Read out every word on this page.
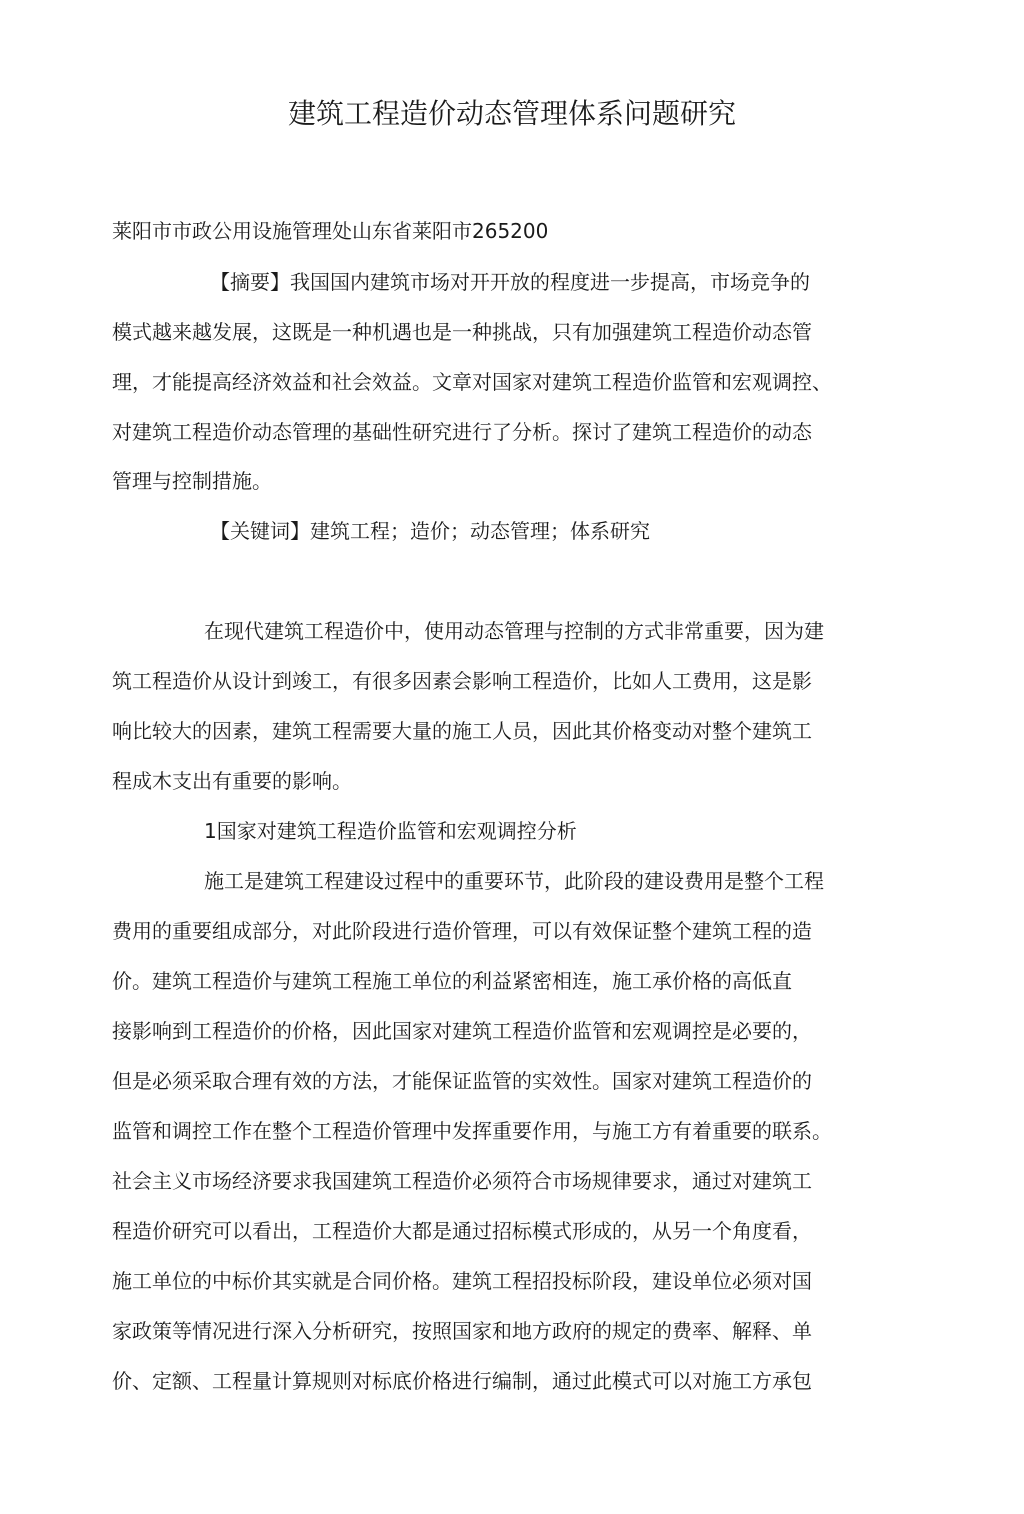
建筑工程造价动态管理体系问题研究
莱阳市市政公用设施管理处山东省莱阳市265200
【摘要】我国国内建筑市场对开开放的程度进一步提高，市场竞争的
模式越来越发展，这既是一种机遇也是一种挑战，只有加强建筑工程造价动态管
理，才能提高经济效益和社会效益。文章对国家对建筑工程造价监管和宏观调控、
对建筑工程造价动态管理的基础性研究进行了分析。探讨了建筑工程造价的动态
管理与控制措施。
【关键词】建筑工程；造价；动态管理；体系研究
在现代建筑工程造价中，使用动态管理与控制的方式非常重要，因为建
筑工程造价从设计到竣工，有很多因素会影响工程造价，比如人工费用，这是影
响比较大的因素，建筑工程需要大量的施工人员，因此其价格变动对整个建筑工
程成木支出有重要的影响。
1国家对建筑工程造价监管和宏观调控分析
施工是建筑工程建设过程中的重要环节，此阶段的建设费用是整个工程
费用的重要组成部分，对此阶段进行造价管理，可以有效保证整个建筑工程的造
价。建筑工程造价与建筑工程施工单位的利益紧密相连，施工承价格的高低直
接影响到工程造价的价格，因此国家对建筑工程造价监管和宏观调控是必要的，
但是必须采取合理有效的方法，才能保证监管的实效性。国家对建筑工程造价的
监管和调控工作在整个工程造价管理中发挥重要作用，与施工方有着重要的联系。
社会主义市场经济要求我国建筑工程造价必须符合市场规律要求，通过对建筑工
程造价研究可以看出，工程造价大都是通过招标模式形成的，从另一个角度看，
施工单位的中标价其实就是合同价格。建筑工程招投标阶段，建设单位必须对国
家政策等情况进行深入分析研究，按照国家和地方政府的规定的费率、解释、单
价、定额、工程量计算规则对标底价格进行编制，通过此模式可以对施工方承包
